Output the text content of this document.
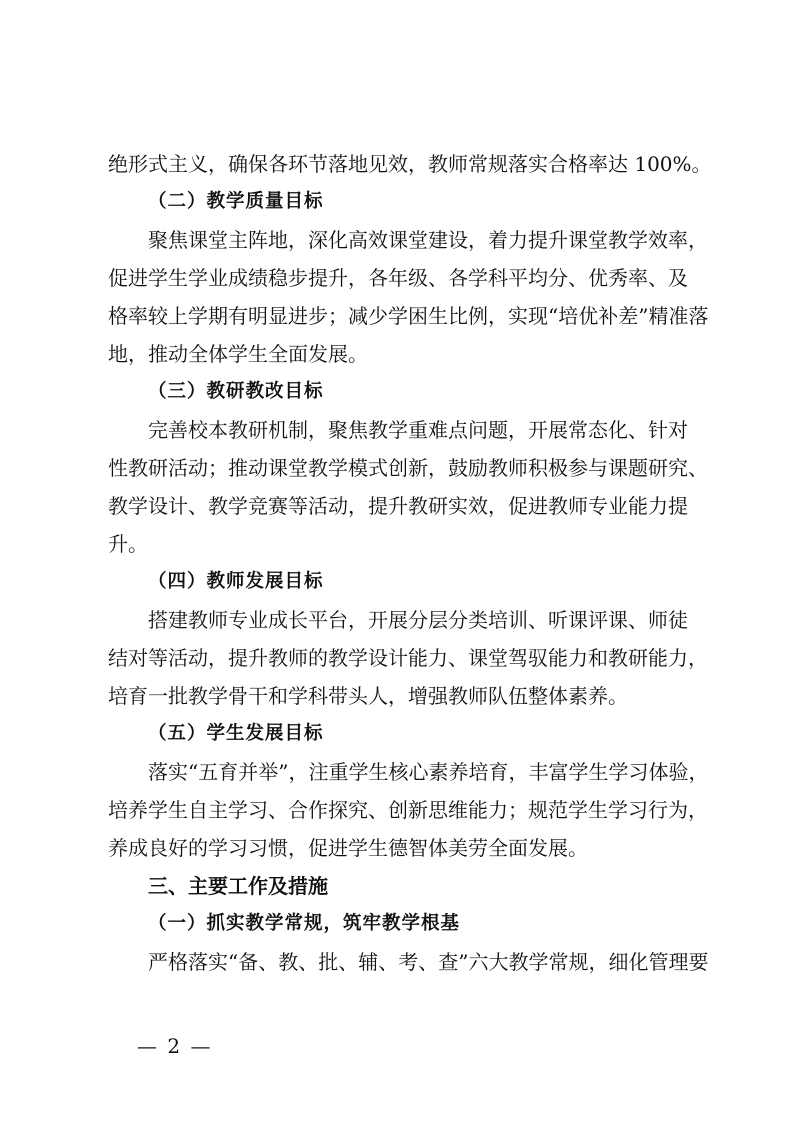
绝形式主义，确保各环节落地见效，教师常规落实合格率达 100%。
（二）教学质量目标
聚焦课堂主阵地，深化高效课堂建设，着力提升课堂教学效率，
促进学生学业成绩稳步提升，各年级、各学科平均分、优秀率、及
格率较上学期有明显进步；减少学困生比例，实现“培优补差”精准落
地，推动全体学生全面发展。
（三）教研教改目标
完善校本教研机制，聚焦教学重难点问题，开展常态化、针对
性教研活动；推动课堂教学模式创新，鼓励教师积极参与课题研究、
教学设计、教学竞赛等活动，提升教研实效，促进教师专业能力提
升。
（四）教师发展目标
搭建教师专业成长平台，开展分层分类培训、听课评课、师徒
结对等活动，提升教师的教学设计能力、课堂驾驭能力和教研能力，
培育一批教学骨干和学科带头人，增强教师队伍整体素养。
（五）学生发展目标
落实“五育并举”，注重学生核心素养培育，丰富学生学习体验，
培养学生自主学习、合作探究、创新思维能力；规范学生学习行为，
养成良好的学习习惯，促进学生德智体美劳全面发展。
三、主要工作及措施
（一）抓实教学常规，筑牢教学根基
严格落实“备、教、批、辅、考、查”六大教学常规，细化管理要
— 2 —
